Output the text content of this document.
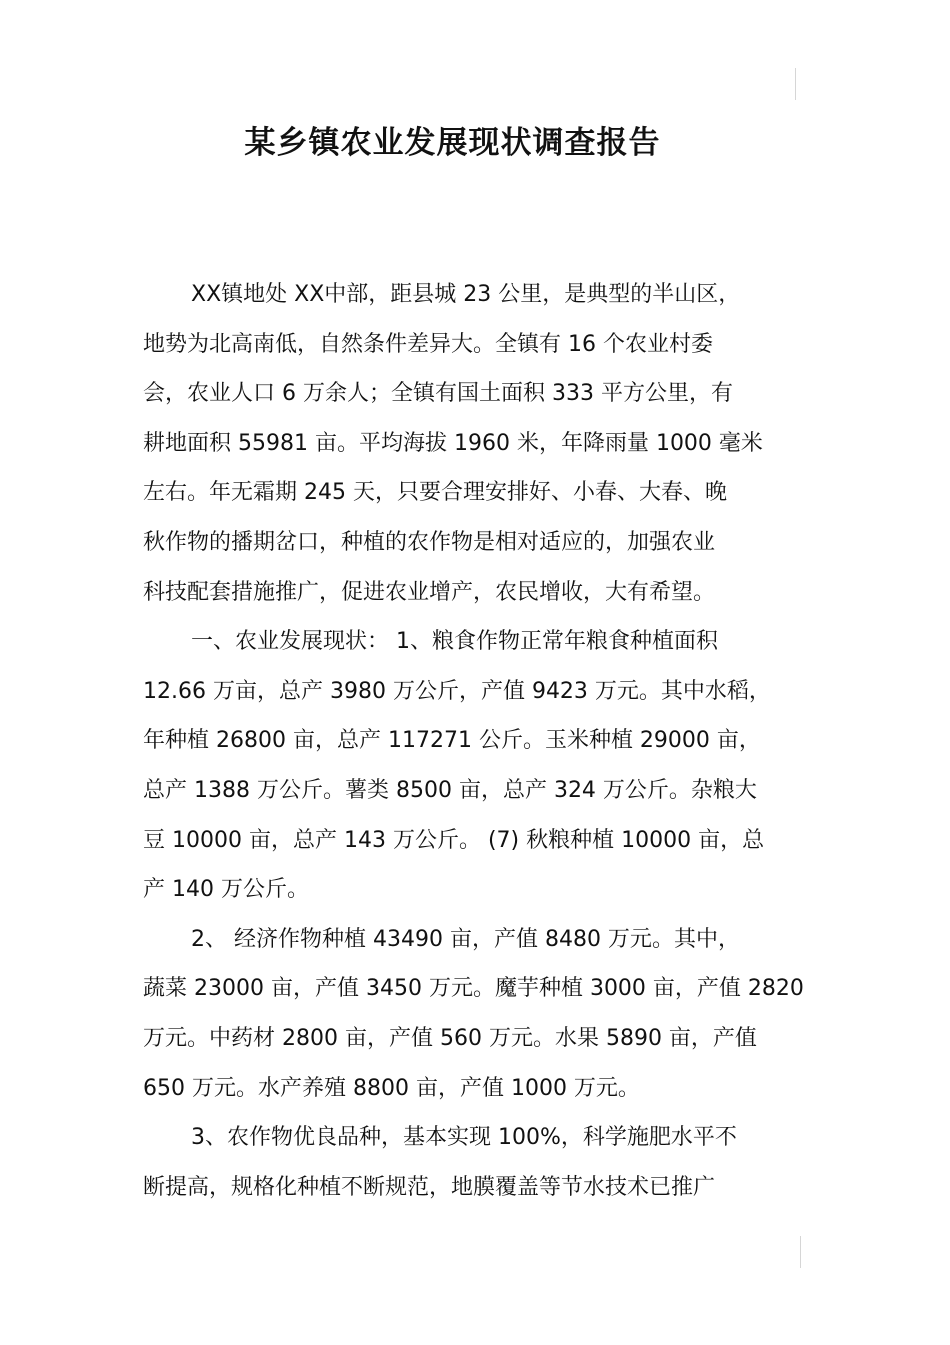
某乡镇农业发展现状调查报告
XX镇地处 XX中部，距县城 23 公里，是典型的半山区，
地势为北高南低，自然条件差异大。全镇有 16 个农业村委
会，农业人口 6 万余人；全镇有国土面积 333 平方公里，有
耕地面积 55981 亩。平均海拔 1960 米，年降雨量 1000 毫米
左右。年无霜期 245 天，只要合理安排好、小春、大春、晚
秋作物的播期岔口，种植的农作物是相对适应的，加强农业
科技配套措施推广，促进农业增产，农民增收，大有希望。
一、农业发展现状： 1、粮食作物正常年粮食种植面积
12.66 万亩，总产 3980 万公斤，产值 9423 万元。其中水稻，
年种植 26800 亩，总产 117271 公斤。玉米种植 29000 亩，
总产 1388 万公斤。薯类 8500 亩，总产 324 万公斤。杂粮大
豆 10000 亩，总产 143 万公斤。 (7) 秋粮种植 10000 亩，总
产 140 万公斤。
2、 经济作物种植 43490 亩，产值 8480 万元。其中，
蔬菜 23000 亩，产值 3450 万元。魔芋种植 3000 亩，产值 2820
万元。中药材 2800 亩，产值 560 万元。水果 5890 亩，产值
650 万元。水产养殖 8800 亩，产值 1000 万元。
3、农作物优良品种，基本实现 100%，科学施肥水平不
断提高，规格化种植不断规范，地膜覆盖等节水技术已推广
